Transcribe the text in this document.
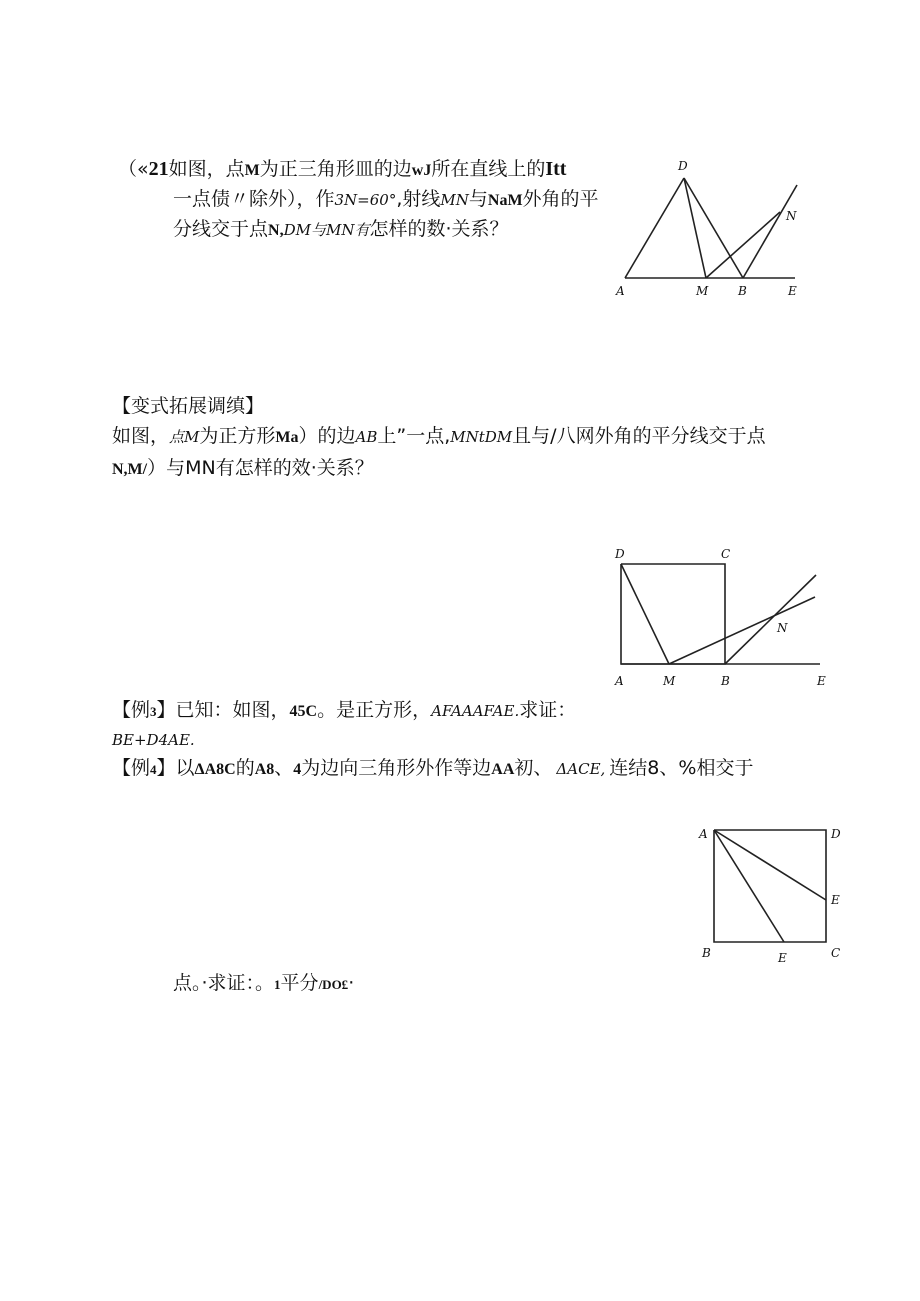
（«21如图，点M为正三角形皿的边wJ所在直线上的Itt
一点债〃除外），作3N=60°,射线MN与NaM外角的平
分线交于点N,DM与MN有怎样的数·关系？
D
N
A	M B	E
【变式拓展调缜】
如图，点M为正方形Ma）的边AB上”一点,MNtDM且与/八网外角的平分线交于点
N,M/）与MN有怎样的效·关系？
D	C
N
A	M	B	E
【例3】已知：如图，45C。是正方形，AFAAAFAE.求证：
BE+D4AE.
【例4】以ΔA8C的A8、4为边向三角形外作等边AA初、 ΔACE, 连结8、%相交于
A	D
E
B	E	C
点。·求证：。1平分/DO£·
